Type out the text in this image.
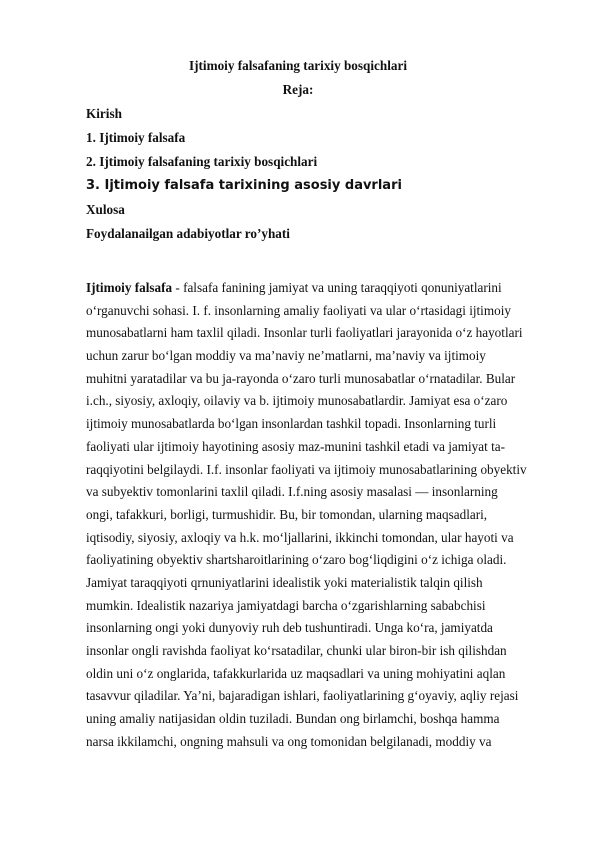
Ijtimoiy falsafaning tarixiy bosqichlari

Reja:

Kirish
1. Ijtimoiy falsafa
2. Ijtimoiy falsafaning tarixiy bosqichlari
3. Ijtimoiy falsafa tarixining asosiy davrlari
Xulosa
Foydalanailgan adabiyotlar ro’yhati
Ijtimoiy falsafa - falsafa fanining jamiyat va uning taraqqiyoti qonuniyatlarini
oʻrganuvchi sohasi. I. f. insonlarning amaliy faoliyati va ular oʻrtasidagi ijtimoiy
munosabatlarni ham taxlil qiladi. Insonlar turli faoliyatlari jarayonida oʻz hayotlari
uchun zarur boʻlgan moddiy va maʼnaviy neʼmatlarni, maʼnaviy va ijtimoiy
muhitni yaratadilar va bu ja-rayonda oʻzaro turli munosabatlar oʻrnatadilar. Bular
i.ch., siyosiy, axloqiy, oilaviy va b. ijtimoiy munosabatlardir. Jamiyat esa oʻzaro
ijtimoiy munosabatlarda boʻlgan insonlardan tashkil topadi. Insonlarning turli
faoliyati ular ijtimoiy hayotining asosiy maz-munini tashkil etadi va jamiyat ta-
raqqiyotini belgilaydi. I.f. insonlar faoliyati va ijtimoiy munosabatlarining obyektiv
va subyektiv tomonlarini taxlil qiladi. I.f.ning asosiy masalasi — insonlarning
ongi, tafakkuri, borligi, turmushidir. Bu, bir tomondan, ularning maqsadlari,
iqtisodiy, siyosiy, axloqiy va h.k. moʻljallarini, ikkinchi tomondan, ular hayoti va
faoliyatining obyektiv shartsharoitlarining oʻzaro bogʻliqdigini oʻz ichiga oladi.
Jamiyat taraqqiyoti qrnuniyatlarini idealistik yoki materialistik talqin qilish
mumkin. Idealistik nazariya jamiyatdagi barcha oʻzgarishlarning sababchisi
insonlarning ongi yoki dunyoviy ruh deb tushuntiradi. Unga koʻra, jamiyatda
insonlar ongli ravishda faoliyat koʻrsatadilar, chunki ular biron-bir ish qilishdan
oldin uni oʻz onglarida, tafakkurlarida uz maqsadlari va uning mohiyatini aqlan
tasavvur qiladilar. Yaʼni, bajaradigan ishlari, faoliyatlarining gʻoyaviy, aqliy rejasi
uning amaliy natijasidan oldin tuziladi. Bundan ong birlamchi, boshqa hamma
narsa ikkilamchi, ongning mahsuli va ong tomonidan belgilanadi, moddiy va
